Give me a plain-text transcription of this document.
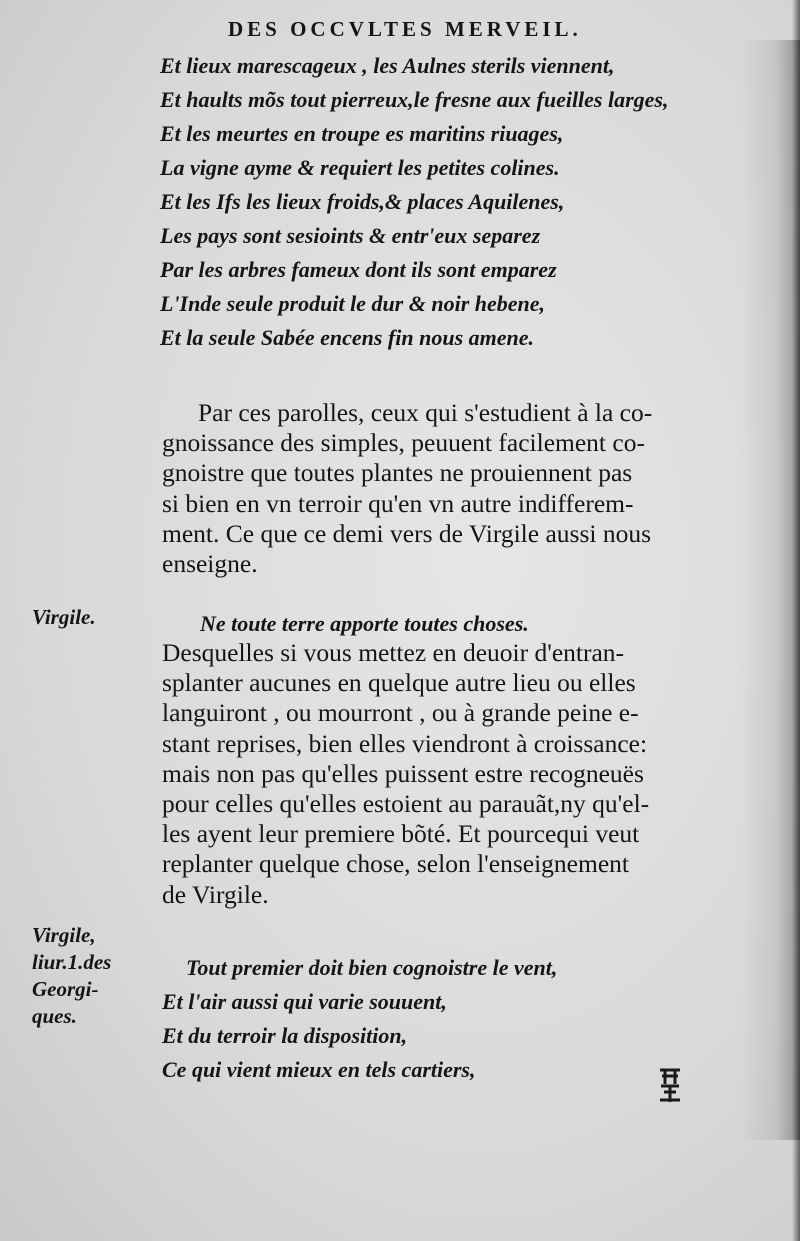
DES OCCVLTES MERVEIL.
Et lieux marescageux , les Aulnes sterils viennent,
Et haults mõs tout pierreux,le fresne aux fueilles larges,
Et les meurtes en troupe es maritins riuages,
La vigne ayme & requiert les petites colines.
Et les Ifs les lieux froids,& places Aquilenes,
Les pays sont sesioints & entr'eux separez
Par les arbres fameux dont ils sont emparez
L'Inde seule produit le dur & noir hebene,
Et la seule Sabée encens fin nous amene.
Par ces parolles, ceux qui s'estudient à la co-
gnoissance des simples, peuuent facilement co-
gnoistre que toutes plantes ne prouiennent pas
si bien en vn terroir qu'en vn autre indifferem-
ment. Ce que ce demi vers de Virgile aussi nous
enseigne.
Virgile.	Ne toute terre apporte toutes choses.
Desquelles si vous mettez en deuoir d'entran-
splanter aucunes en quelque autre lieu ou elles
languiront , ou mourront , ou à grande peine e-
stant reprises, bien elles viendront à croissance:
mais non pas qu'elles puissent estre recogneuës
pour celles qu'elles estoient au parauãt,ny qu'el-
les ayent leur premiere bõté. Et pourcequi veut
replanter quelque chose, selon l'enseignement
de Virgile.
Virgile,
liur.1.des
Georgi-
ques.
Tout premier doit bien cognoistre le vent,
Et l'air aussi qui varie souuent,
Et du terroir la disposition,
Ce qui vient mieux en tels cartiers,
